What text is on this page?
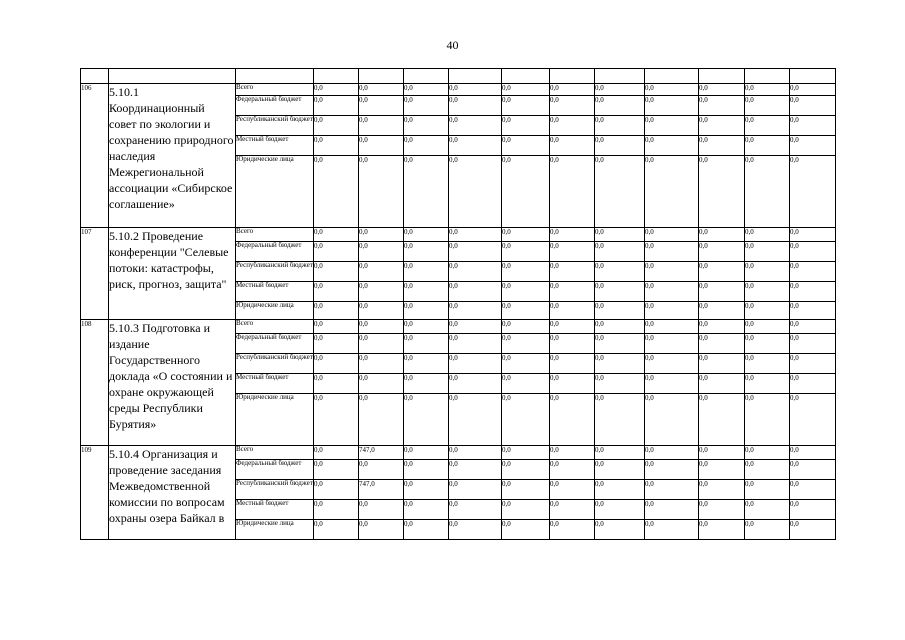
40

106	5.10.1 Координационный совет по экологии и сохранению природного наследия Межрегиональной ассоциации «Сибирское соглашение»	Всего	0,0	0,0	0,0	0,0	0,0	0,0	0,0	0,0	0,0	0,0	0,0
		Федеральный бюджет	0,0	0,0	0,0	0,0	0,0	0,0	0,0	0,0	0,0	0,0	0,0
		Республиканский бюджет	0,0	0,0	0,0	0,0	0,0	0,0	0,0	0,0	0,0	0,0	0,0
		Местный бюджет	0,0	0,0	0,0	0,0	0,0	0,0	0,0	0,0	0,0	0,0	0,0
		Юридические лица	0,0	0,0	0,0	0,0	0,0	0,0	0,0	0,0	0,0	0,0	0,0
107	5.10.2 Проведение конференции "Селевые потоки: катастрофы, риск, прогноз, защита"	Всего	0,0	0,0	0,0	0,0	0,0	0,0	0,0	0,0	0,0	0,0	0,0
		Федеральный бюджет	0,0	0,0	0,0	0,0	0,0	0,0	0,0	0,0	0,0	0,0	0,0
		Республиканский бюджет	0,0	0,0	0,0	0,0	0,0	0,0	0,0	0,0	0,0	0,0	0,0
		Местный бюджет	0,0	0,0	0,0	0,0	0,0	0,0	0,0	0,0	0,0	0,0	0,0
		Юридические лица	0,0	0,0	0,0	0,0	0,0	0,0	0,0	0,0	0,0	0,0	0,0
108	5.10.3 Подготовка и издание Государственного доклада «О состоянии и охране окружающей среды Республики Бурятия»	Всего	0,0	0,0	0,0	0,0	0,0	0,0	0,0	0,0	0,0	0,0	0,0
		Федеральный бюджет	0,0	0,0	0,0	0,0	0,0	0,0	0,0	0,0	0,0	0,0	0,0
		Республиканский бюджет	0,0	0,0	0,0	0,0	0,0	0,0	0,0	0,0	0,0	0,0	0,0
		Местный бюджет	0,0	0,0	0,0	0,0	0,0	0,0	0,0	0,0	0,0	0,0	0,0
		Юридические лица	0,0	0,0	0,0	0,0	0,0	0,0	0,0	0,0	0,0	0,0	0,0
109	5.10.4 Организация и проведение заседания Межведомственной комиссии по вопросам охраны озера Байкал в	Всего	0,0	747,0	0,0	0,0	0,0	0,0	0,0	0,0	0,0	0,0	0,0
		Федеральный бюджет	0,0	0,0	0,0	0,0	0,0	0,0	0,0	0,0	0,0	0,0	0,0
		Республиканский бюджет	0,0	747,0	0,0	0,0	0,0	0,0	0,0	0,0	0,0	0,0	0,0
		Местный бюджет	0,0	0,0	0,0	0,0	0,0	0,0	0,0	0,0	0,0	0,0	0,0
		Юридические лица	0,0	0,0	0,0	0,0	0,0	0,0	0,0	0,0	0,0	0,0	0,0
